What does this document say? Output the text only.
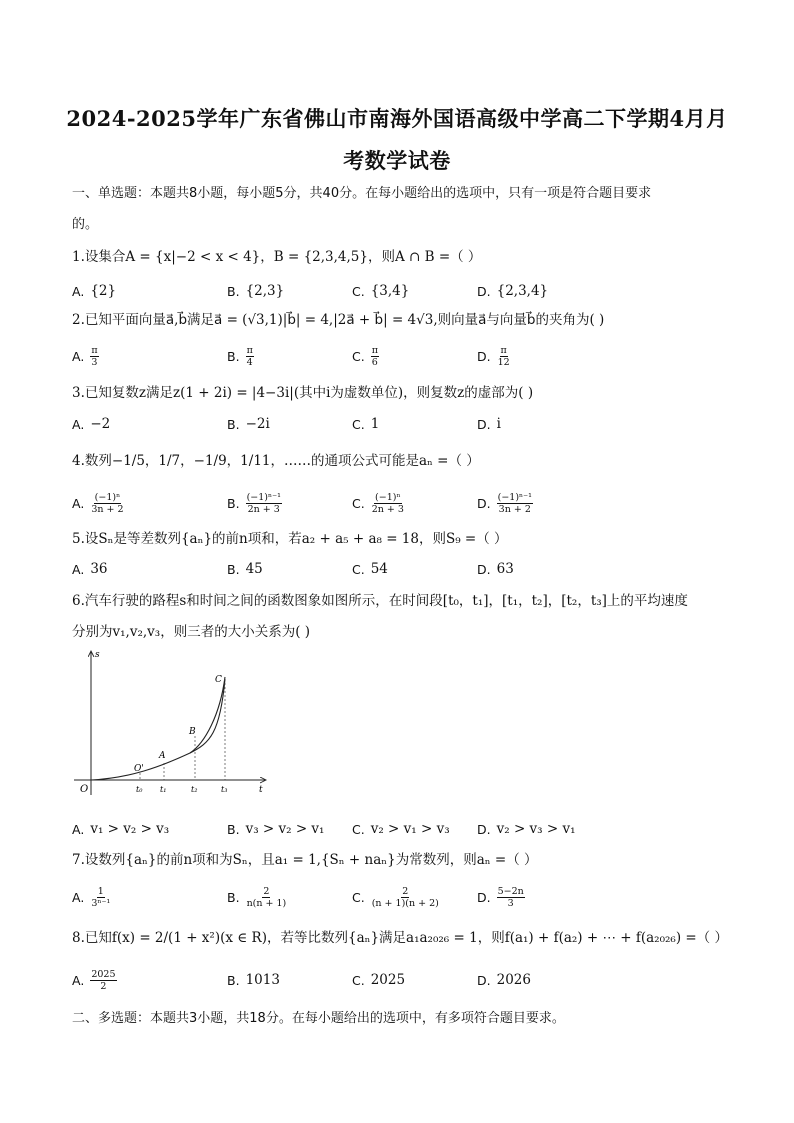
2024-2025学年广东省佛山市南海外国语高级中学高二下学期4月月
考数学试卷
一、单选题：本题共8小题，每小题5分，共40分。在每小题给出的选项中，只有一项是符合题目要求
的。
1.设集合A = {x|−2 < x < 4}，B = {2,3,4,5}，则A ∩ B =（ ）
A. {2}	B. {2,3}	C. {3,4}	D. {2,3,4}
2.已知平面向量a⃗,b⃗满足a⃗ = (√3,1)|b⃗| = 4,|2a⃗ + b⃗| = 4√3,则向量a⃗与向量b⃗的夹角为( )
A. $\frac{\pi}{3}$	B. $\frac{\pi}{4}$	C. $\frac{\pi}{6}$	D. $\frac{\pi}{12}$
3.已知复数z满足z(1 + 2i) = |4−3i|(其中i为虚数单位)，则复数z的虚部为( )
A. −2	B. −2i	C. 1	D. i
4.数列−1/5，1/7，−1/9，1/11，……的通项公式可能是aₙ =（ ）
A. $\frac{\text{(−1)ⁿ}}{3n + 2}$	B. $\frac{\text{(−1)ⁿ⁻¹}}{2n + 3}$	C. $\frac{\text{(−1)ⁿ}}{2n + 3}$	D. $\frac{\text{(−1)ⁿ⁻¹}}{3n + 2}$
5.设Sₙ是等差数列{aₙ}的前n项和，若a₂ + a₅ + a₈ = 18，则S₉ =（ ）
A. 36	B. 45	C. 54	D. 63
6.汽车行驶的路程s和时间之间的函数图象如图所示，在时间段[t₀，t₁]，[t₁，t₂]，[t₂，t₃]上的平均速度
分别为v₁,v₂,v₃，则三者的大小关系为( )
s
t
O
O'
A
B
C
t₀ t₁	t₂	t₃
A. v₁ > v₂ > v₃	B. v₃ > v₂ > v₁ C. v₂ > v₁ > v₃ D. v₂ > v₃ > v₁
7.设数列{aₙ}的前n项和为Sₙ，且a₁ = 1,{Sₙ + naₙ}为常数列，则aₙ =（ ）
A. $\frac{1}{\text{3ⁿ⁻¹}}$	B. $\frac{2}{n(n + 1)}$	C. $\frac{2}{(n + 1)(n + 2)}$	D. $\frac{5-2n}{3}$
8.已知f(x) = 2/(1 + x²)(x ∈ R)，若等比数列{aₙ}满足a₁a₂₀₂₆ = 1，则f(a₁) + f(a₂) + ⋯ + f(a₂₀₂₆) =（ ）
A. $\frac{2025}{2}$	B. 1013	C. 2025	D. 2026
二、多选题：本题共3小题，共18分。在每小题给出的选项中，有多项符合题目要求。
